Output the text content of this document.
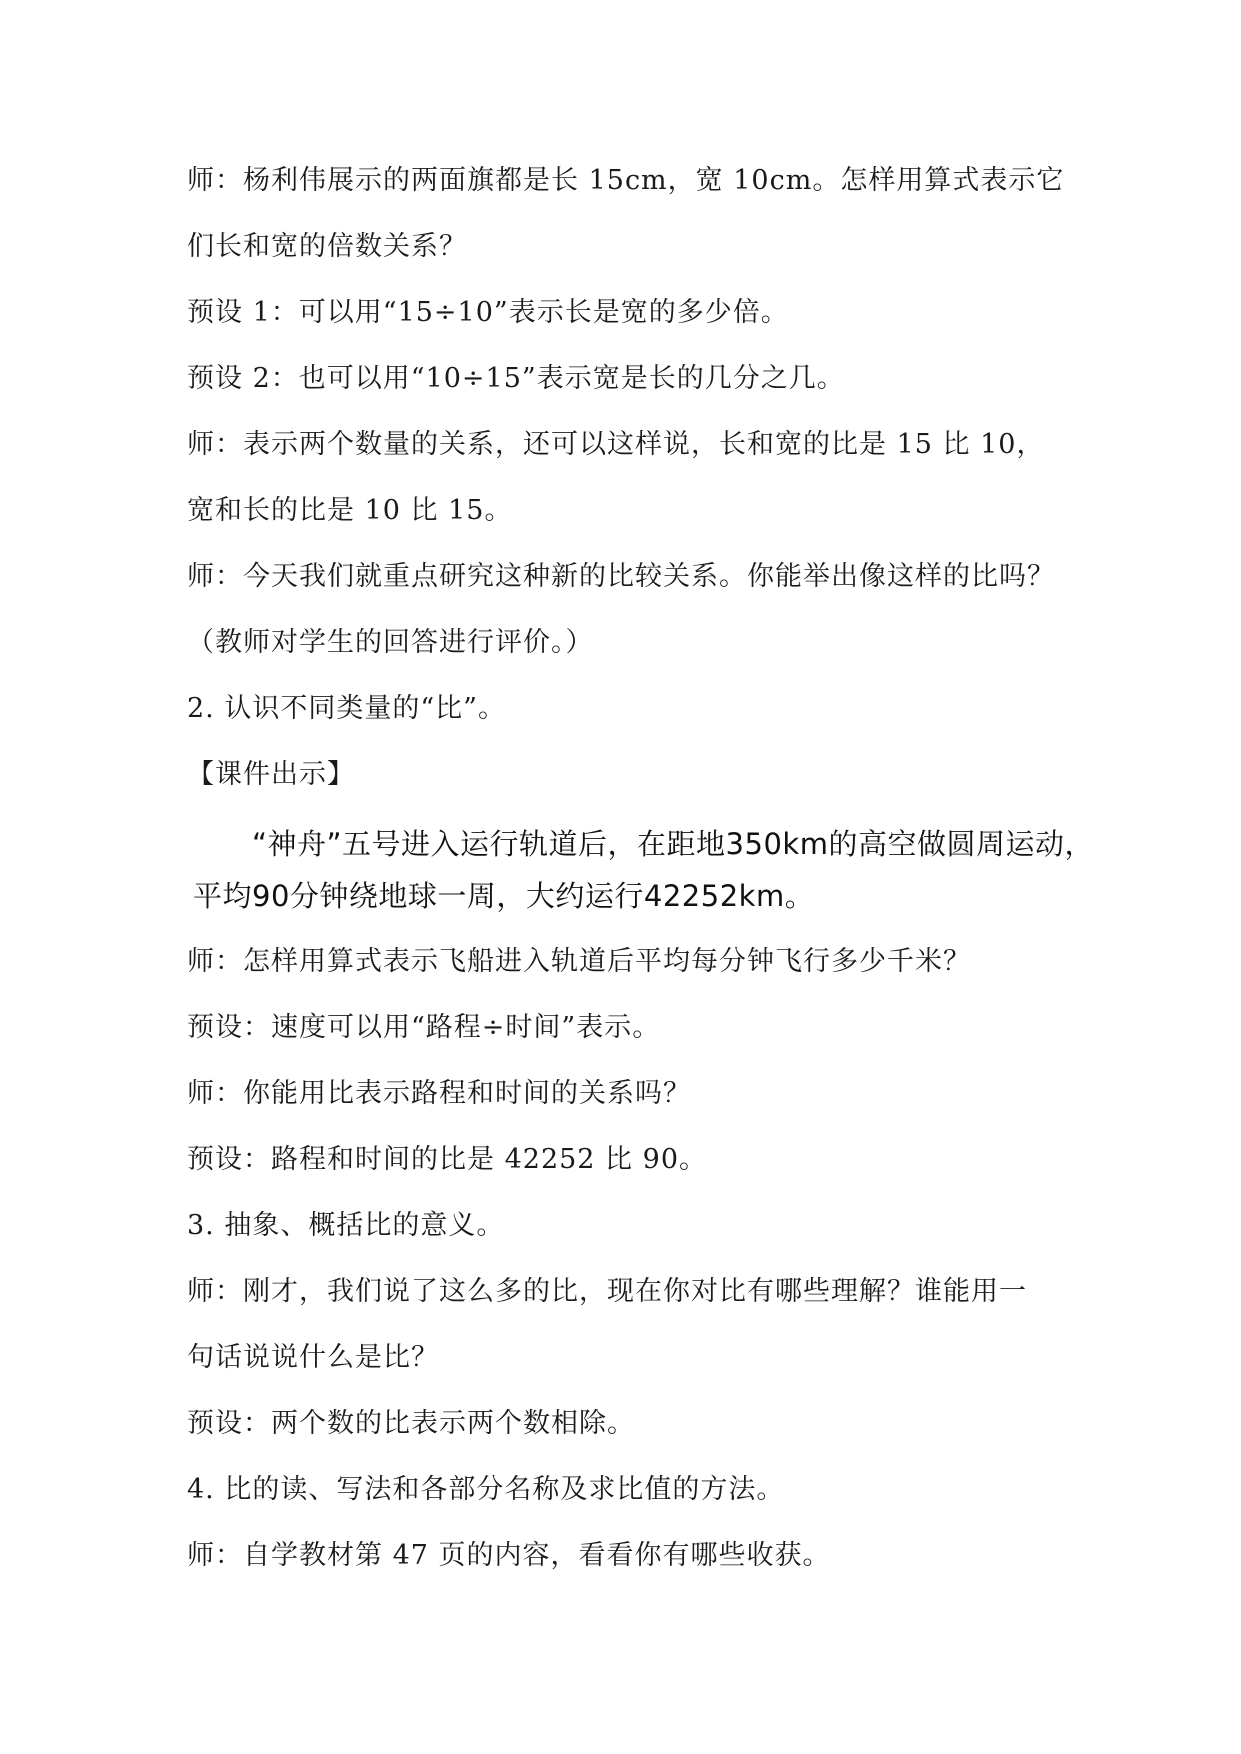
师：杨利伟展示的两面旗都是长 15cm，宽 10cm。怎样用算式表示它
们长和宽的倍数关系？
预设 1：可以用“15÷10”表示长是宽的多少倍。
预设 2：也可以用“10÷15”表示宽是长的几分之几。
师：表示两个数量的关系，还可以这样说，长和宽的比是 15 比 10，
宽和长的比是 10 比 15。
师：今天我们就重点研究这种新的比较关系。你能举出像这样的比吗？
（教师对学生的回答进行评价。）
2. 认识不同类量的“比”。
【课件出示】
　　“神舟”五号进入运行轨道后，在距地350km的高空做圆周运动，
平均90分钟绕地球一周，大约运行42252km。
师：怎样用算式表示飞船进入轨道后平均每分钟飞行多少千米？
预设：速度可以用“路程÷时间”表示。
师：你能用比表示路程和时间的关系吗？
预设：路程和时间的比是 42252 比 90。
3. 抽象、概括比的意义。
师：刚才，我们说了这么多的比，现在你对比有哪些理解？谁能用一
句话说说什么是比？
预设：两个数的比表示两个数相除。
4. 比的读、写法和各部分名称及求比值的方法。
师：自学教材第 47 页的内容，看看你有哪些收获。
